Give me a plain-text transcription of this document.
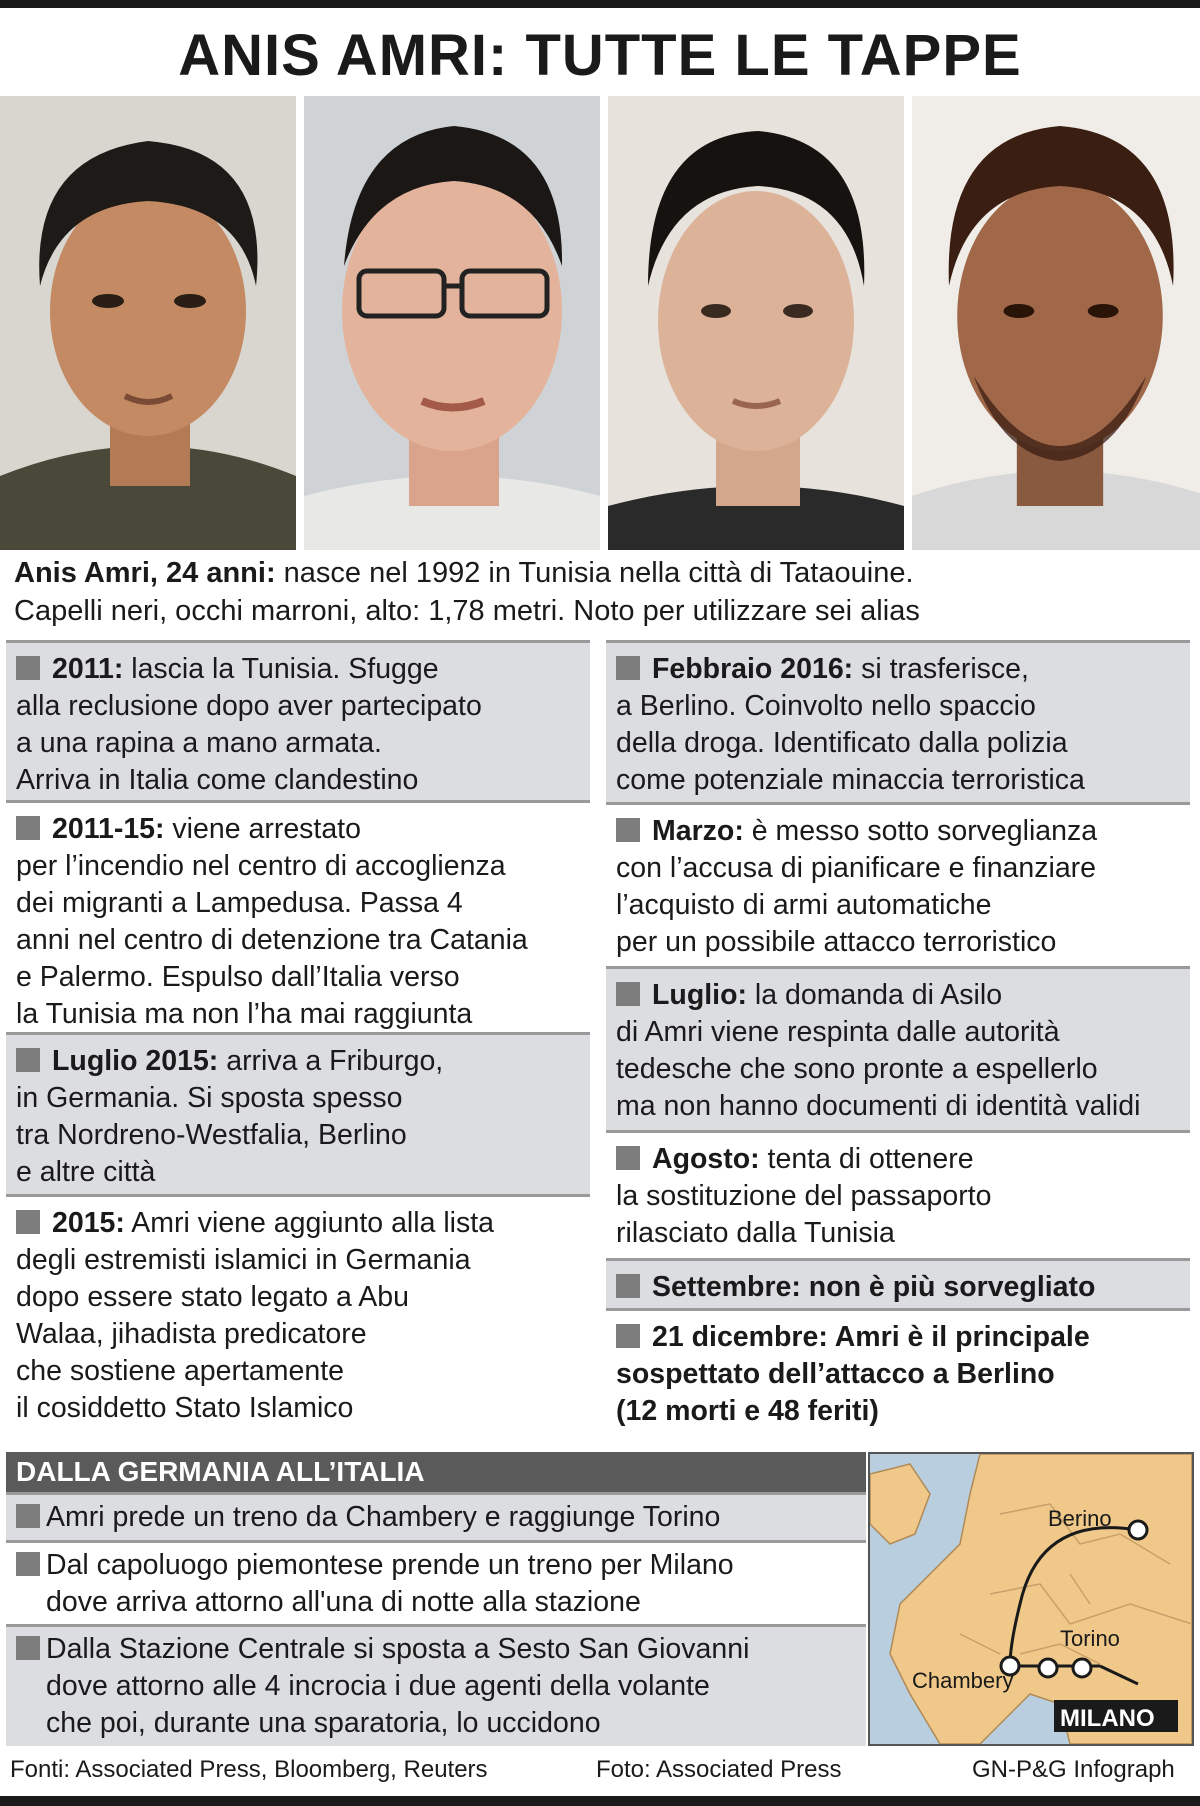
ANIS AMRI: TUTTE LE TAPPE
Anis Amri, 24 anni: nasce nel 1992 in Tunisia nella città di Tataouine.
Capelli neri, occhi marroni, alto: 1,78 metri. Noto per utilizzare sei alias
2011: lascia la Tunisia. Sfugge
alla reclusione dopo aver partecipato
a una rapina a mano armata.
Arriva in Italia come clandestino
2011-15: viene arrestato
per l’incendio nel centro di accoglienza
dei migranti a Lampedusa. Passa 4
anni nel centro di detenzione tra Catania
e Palermo. Espulso dall’Italia verso
la Tunisia ma non l’ha mai raggiunta
Luglio 2015: arriva a Friburgo,
in Germania. Si sposta spesso
tra Nordreno-Westfalia, Berlino
e altre città
2015: Amri viene aggiunto alla lista
degli estremisti islamici in Germania
dopo essere stato legato a Abu
Walaa, jihadista predicatore
che sostiene apertamente
il cosiddetto Stato Islamico
Febbraio 2016: si trasferisce,
a Berlino. Coinvolto nello spaccio
della droga. Identificato dalla polizia
come potenziale minaccia terroristica
Marzo: è messo sotto sorveglianza
con l’accusa di pianificare e finanziare
l’acquisto di armi automatiche
per un possibile attacco terroristico
Luglio: la domanda di Asilo
di Amri viene respinta dalle autorità
tedesche che sono pronte a espellerlo
ma non hanno documenti di identità validi
Agosto: tenta di ottenere
la sostituzione del passaporto
rilasciato dalla Tunisia
Settembre: non è più sorvegliato
21 dicembre: Amri è il principale
sospettato dell’attacco a Berlino
(12 morti e 48 feriti)
DALLA GERMANIA ALL’ITALIA
Amri prede un treno da Chambery e raggiunge Torino
Dal capoluogo piemontese prende un treno per Milano
dove arriva attorno all'una di notte alla stazione
Dalla Stazione Centrale si sposta a Sesto San Giovanni
dove attorno alle 4 incrocia i due agenti della volante
che poi, durante una sparatoria, lo uccidono
Berino
Torino
Chambery
MILANO
Fonti: Associated Press, Bloomberg, Reuters	Foto: Associated Press	GN-P&G Infograph
